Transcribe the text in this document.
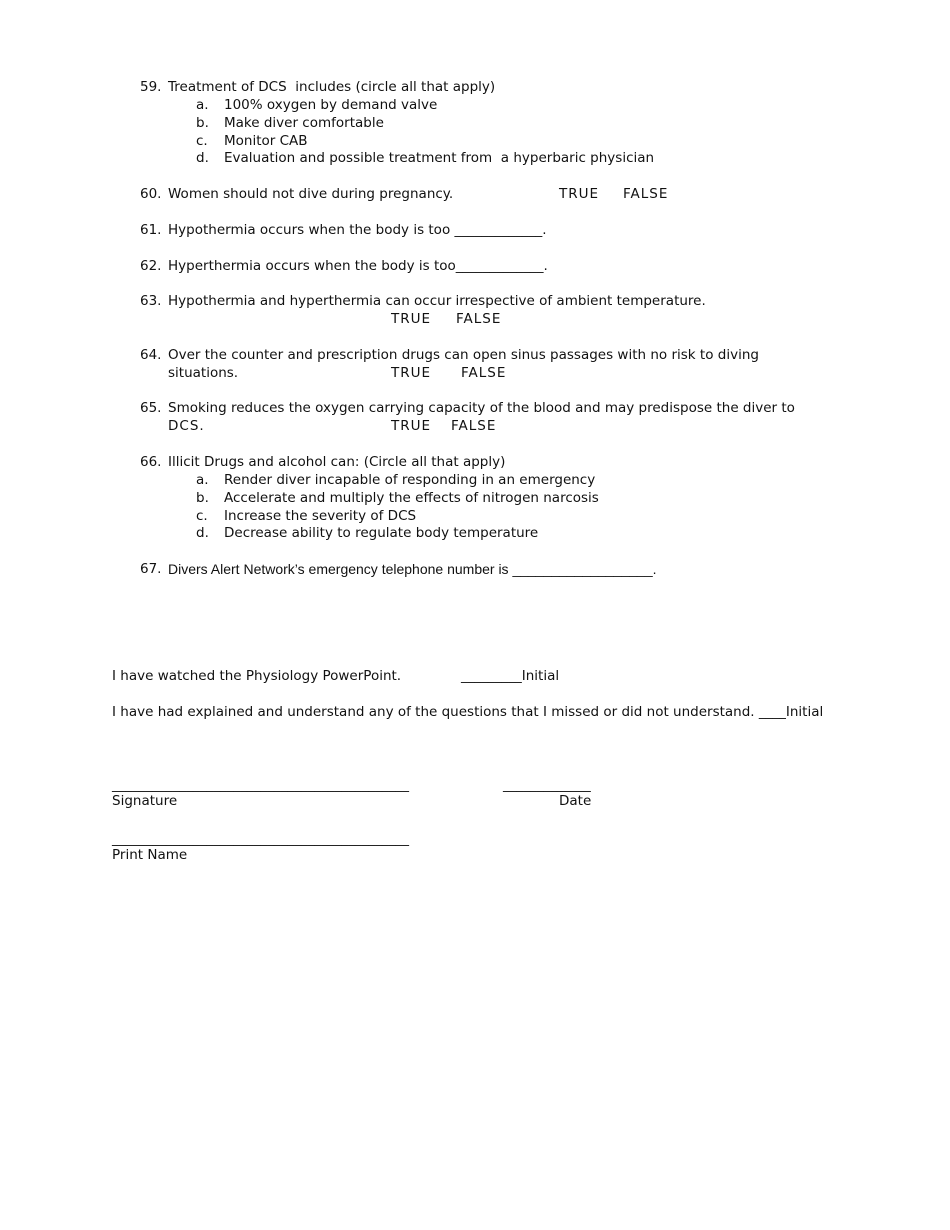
59. Treatment of DCS  includes (circle all that apply)
a. 100% oxygen by demand valve
b. Make diver comfortable
c. Monitor CAB
d. Evaluation and possible treatment from  a hyperbaric physician
60. Women should not dive during pregnancy.	TRUE FALSE
61. Hypothermia occurs when the body is too _____________.
62. Hyperthermia occurs when the body is too_____________.
63. Hypothermia and hyperthermia can occur irrespective of ambient temperature.
TRUE FALSE
64. Over the counter and prescription drugs can open sinus passages with no risk to diving
situations.	TRUE FALSE
65. Smoking reduces the oxygen carrying capacity of the blood and may predispose the diver to
DCS.	TRUE FALSE
66. Illicit Drugs and alcohol can: (Circle all that apply)
a. Render diver incapable of responding in an emergency
b. Accelerate and multiply the effects of nitrogen narcosis
c. Increase the severity of DCS
d. Decrease ability to regulate body temperature
67. Divers Alert Network’s emergency telephone number is __________________.
I have watched the Physiology PowerPoint.	_________Initial
I have had explained and understand any of the questions that I missed or did not understand. ____Initial
____________________________________________	_____________
Signature	Date
____________________________________________
Print Name
